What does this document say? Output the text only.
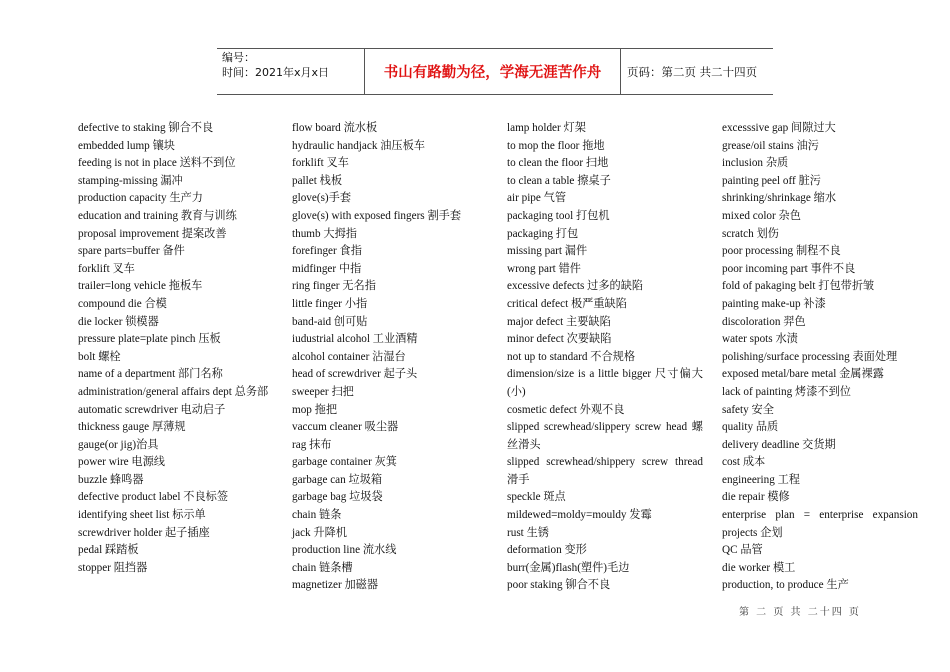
编号：
时间：2021年x月x日	书山有路勤为径，学海无涯苦作舟	页码：第二页 共二十四页
defective to staking 铆合不良
embedded lump 镶块
feeding is not in place 送料不到位
stamping-missing 漏冲
production capacity 生产力
education and training 教育与训练
proposal improvement 提案改善
spare parts=buffer 备件
forklift 叉车
trailer=long vehicle 拖板车
compound die 合模
die locker 锁模器
pressure plate=plate pinch 压板
bolt 螺栓
name of a department 部门名称
administration/general affairs dept 总务部
automatic screwdriver 电动启子
thickness gauge 厚薄规
gauge(or jig)治具
power wire 电源线
buzzle 蜂鸣器
defective product label 不良标签
identifying sheet list 标示单
screwdriver holder 起子插座
pedal 踩踏板
stopper 阻挡器
flow board 流水板
hydraulic handjack 油压板车
forklift 叉车
pallet 栈板
glove(s)手套
glove(s) with exposed fingers 割手套
thumb 大拇指
forefinger 食指
midfinger 中指
ring finger 无名指
little finger 小指
band-aid 创可贴
iudustrial alcohol 工业酒精
alcohol container 沾湿台
head of screwdriver 起子头
sweeper 扫把
mop 拖把
vaccum cleaner 吸尘器
rag 抹布
garbage container 灰箕
garbage can 垃圾箱
garbage bag 垃圾袋
chain 链条
jack 升降机
production line 流水线
chain 链条槽
magnetizer 加磁器
lamp holder 灯架
to mop the floor 拖地
to clean the floor 扫地
to clean a table 擦桌子
air pipe 气管
packaging tool 打包机
packaging 打包
missing part 漏件
wrong part 错件
excessive defects 过多的缺陷
critical defect 极严重缺陷
major defect 主要缺陷
minor defect 次要缺陷
not up to standard 不合规格
dimension/size is a little bigger 尺寸偏大(小)
cosmetic defect 外观不良
slipped screwhead/slippery screw head 螺丝滑头
slipped screwhead/shippery screw thread 滑手
speckle 斑点
mildewed=moldy=mouldy 发霉
rust 生锈
deformation 变形
burr(金属)flash(塑件)毛边
poor staking 铆合不良
excesssive gap 间隙过大
grease/oil stains 油污
inclusion 杂质
painting peel off 脏污
shrinking/shrinkage 缩水
mixed color 杂色
scratch 划伤
poor processing 制程不良
poor incoming part 事件不良
fold of pakaging belt 打包带折皱
painting make-up 补漆
discoloration 羿色
water spots 水渍
polishing/surface processing 表面处理
exposed metal/bare metal 金属裸露
lack of painting 烤漆不到位
safety 安全
quality 品质
delivery deadline 交货期
cost 成本
engineering 工程
die repair 模修
enterprise plan = enterprise expansion projects 企划
QC 品管
die worker 模工
production, to produce 生产
第 二 页 共 二十四 页
